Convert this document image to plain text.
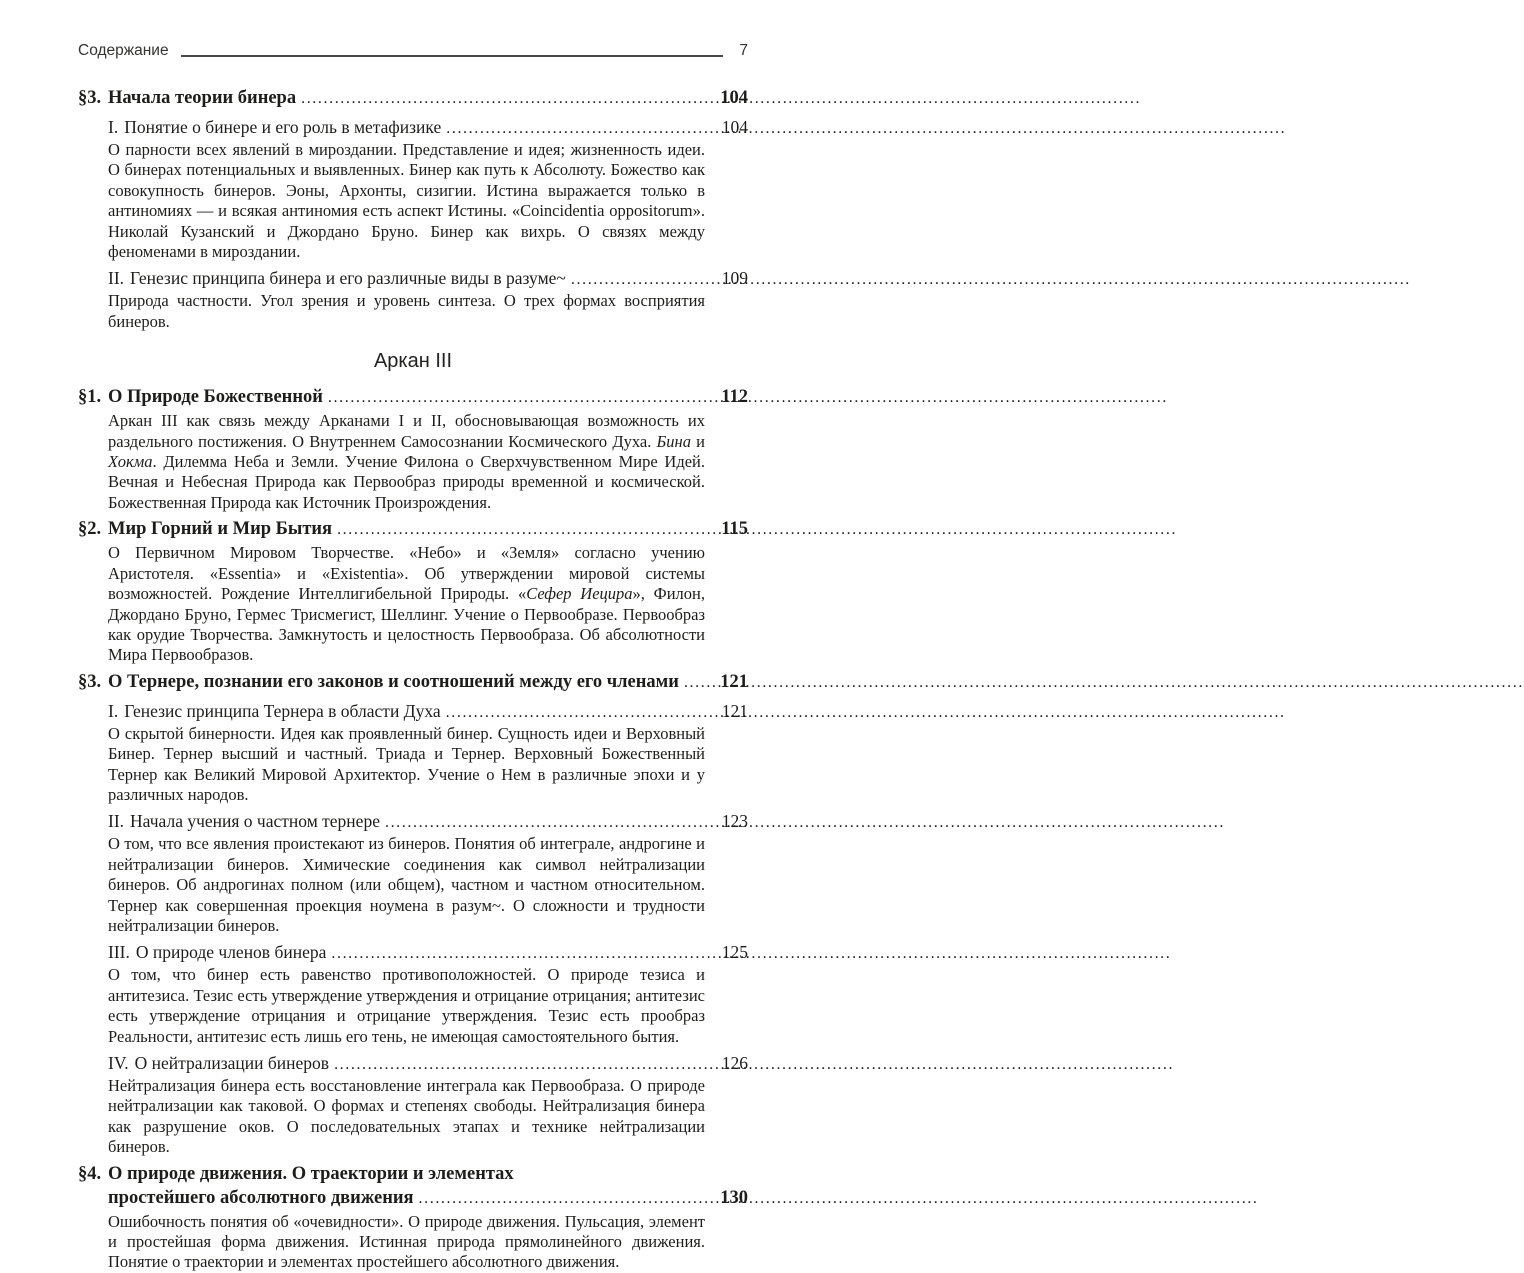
Содержание	7
§3. Начала теории бинера .....	104
I. Понятие о бинере и его роль в метафизике .....	104

О парности всех явлений в мироздании. Представление и идея; жизненность идеи. О бинерах потенциальных и выявленных. Бинер как путь к Абсолюту. Божество как совокупность бинеров. Эоны, Архонты, сизигии. Истина выражается только в антиномиях — и всякая антиномия есть аспект Истины. «Coincidentia oppositorum». Николай Кузанский и Джордано Бруно. Бинер как вихрь. О связях между феноменами в мироздании.

II. Генезис принципа бинера и его различные виды в разуме~ .....	109

Природа частности. Угол зрения и уровень синтеза. О трех формах восприятия бинеров.

Аркан III
§1. О Природе Божественной .....	112

Аркан III как связь между Арканами I и II, обосновывающая возможность их раздельного постижения. О Внутреннем Самосознании Космического Духа. Бина и Хокма. Дилемма Неба и Земли. Учение Филона о Сверхчувственном Мире Идей. Вечная и Небесная Природа как Первообраз природы временной и космической. Божественная Природа как Источник Произрождения.

§2. Мир Горний и Мир Бытия .....	115

О Первичном Мировом Творчестве. «Небо» и «Земля» согласно учению Аристотеля. «Essentia» и «Existentia». Об утверждении мировой системы возможностей. Рождение Интеллигибельной Природы. «Сефер Иецира», Филон, Джордано Бруно, Гермес Трисмегист, Шеллинг. Учение о Первообразе. Первообраз как орудие Творчества. Замкнутость и целостность Первообраза. Об абсолютности Мира Первообразов.

§3. О Тернере, познании его законов и соотношений между его членами .....	121
I. Генезис принципа Тернера в области Духа .....	121

О скрытой бинерности. Идея как проявленный бинер. Сущность идеи и Верховный Бинер. Тернер высший и частный. Триада и Тернер. Верховный Божественный Тернер как Великий Мировой Архитектор. Учение о Нем в различные эпохи и у различных народов.

II. Начала учения о частном тернере .....	123

О том, что все явления проистекают из бинеров. Понятия об интеграле, андрогине и нейтрализации бинеров. Химические соединения как символ нейтрализации бинеров. Об андрогинах полном (или общем), частном и частном относительном. Тернер как совершенная проекция ноумена в разум~. О сложности и трудности нейтрализации бинеров.

III. О природе членов бинера .....	125

О том, что бинер есть равенство противоположностей. О природе тезиса и антитезиса. Тезис есть утверждение утверждения и отрицание отрицания; антитезис есть утверждение отрицания и отрицание утверждения. Тезис есть прообраз Реальности, антитезис есть лишь его тень, не имеющая самостоятельного бытия.

IV. О нейтрализации бинеров .....	126

Нейтрализация бинера есть восстановление интеграла как Первообраза. О природе нейтрализации как таковой. О формах и степенях свободы. Нейтрализация бинера как разрушение оков. О последовательных этапах и технике нейтрализации бинеров.

§4. О природе движения. О траектории и элементах
простейшего абсолютного движения .....	130

Ошибочность понятия об «очевидности». О природе движения. Пульсация, элемент и простейшая форма движения. Истинная природа прямолинейного движения. Понятие о траектории и элементах простейшего абсолютного движения.
